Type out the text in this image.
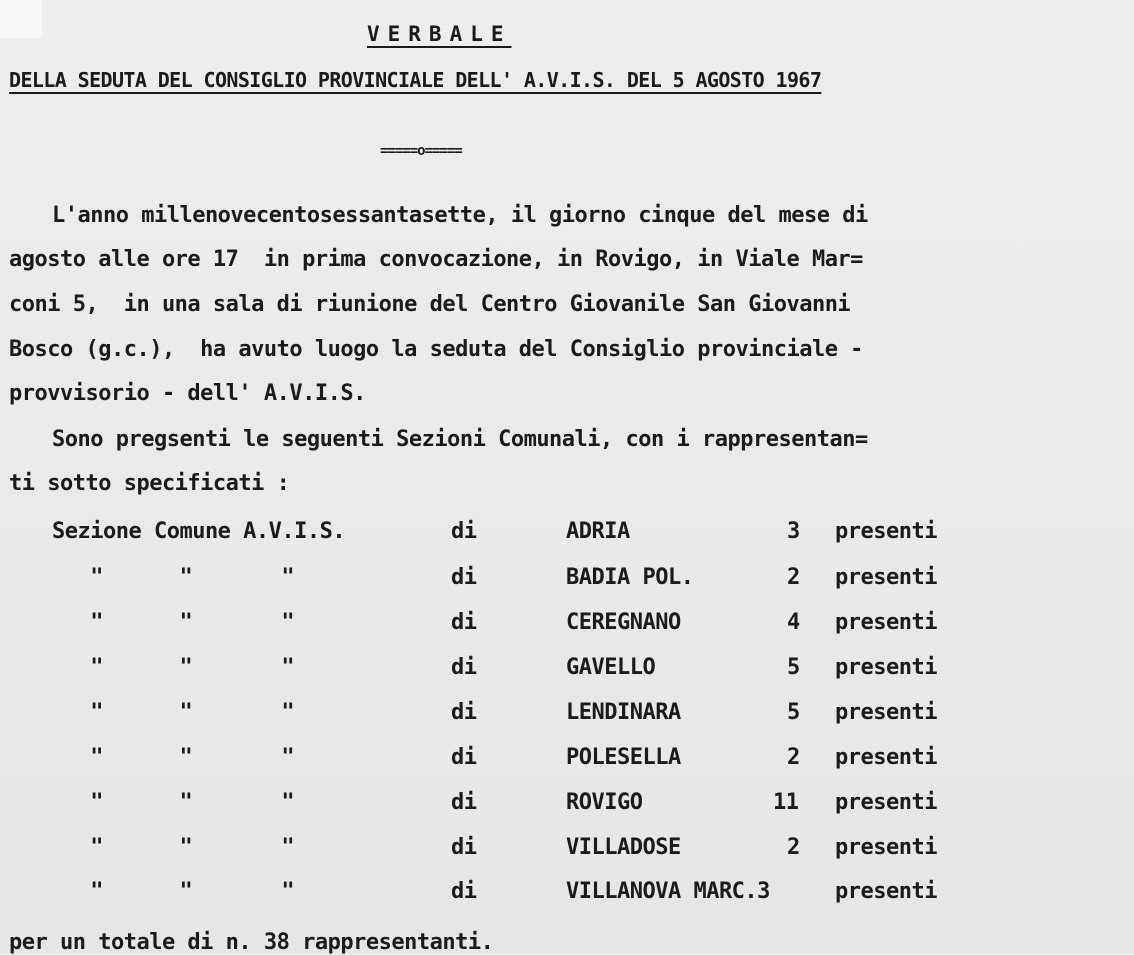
VERBALE
DELLA SEDUTA DEL CONSIGLIO PROVINCIALE DELL' A.V.I.S. DEL 5 AGOSTO 1967
=====o=====
L'anno millenovecentosessantasette, il giorno cinque del mese di
agosto alle ore 17  in prima convocazione, in Rovigo, in Viale Mar=
coni 5,  in una sala di riunione del Centro Giovanile San Giovanni
Bosco (g.c.),  ha avuto luogo la seduta del Consiglio provinciale -
provvisorio - dell' A.V.I.S.
Sono pregsenti le seguenti Sezioni Comunali, con i rappresentan=
ti sotto specificati :
Sezione Comune A.V.I.S.	di	ADRIA	3 presenti
"      "       "	di	BADIA POL.	2 presenti
"      "       "	di	CEREGNANO	4 presenti
"      "       "	di	GAVELLO	5 presenti
"      "       "	di	LENDINARA	5 presenti
"      "       "	di	POLESELLA	2 presenti
"      "       "	di	ROVIGO	11 presenti
"      "       "	di	VILLADOSE	2 presenti
"      "       "	di	VILLANOVA MARC.3	presenti
per un totale di n. 38 rappresentanti.
